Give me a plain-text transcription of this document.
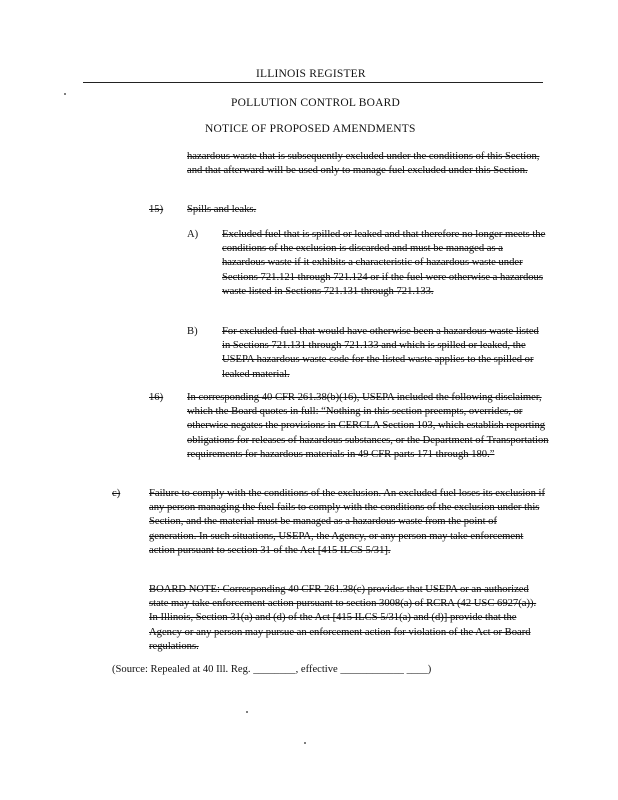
ILLINOIS REGISTER
POLLUTION CONTROL BOARD
NOTICE OF PROPOSED AMENDMENTS
hazardous waste that is subsequently excluded under the conditions of this Section, and that afterward will be used only to manage fuel excluded under this Section.
15) Spills and leaks.
A) Excluded fuel that is spilled or leaked and that therefore no longer meets the conditions of the exclusion is discarded and must be managed as a hazardous waste if it exhibits a characteristic of hazardous waste under Sections 721.121 through 721.124 or if the fuel were otherwise a hazardous waste listed in Sections 721.131 through 721.133.
B) For excluded fuel that would have otherwise been a hazardous waste listed in Sections 721.131 through 721.133 and which is spilled or leaked, the USEPA hazardous waste code for the listed waste applies to the spilled or leaked material.
16) In corresponding 40 CFR 261.38(b)(16), USEPA included the following disclaimer, which the Board quotes in full: “Nothing in this section preempts, overrides, or otherwise negates the provisions in CERCLA Section 103, which establish reporting obligations for releases of hazardous substances, or the Department of Transportation requirements for hazardous materials in 49 CFR parts 171 through 180.”
c)	Failure to comply with the conditions of the exclusion. An excluded fuel loses its exclusion if any person managing the fuel fails to comply with the conditions of the exclusion under this Section, and the material must be managed as a hazardous waste from the point of generation. In such situations, USEPA, the Agency, or any person may take enforcement action pursuant to section 31 of the Act [415 ILCS 5/31].
BOARD NOTE: Corresponding 40 CFR 261.38(c) provides that USEPA or an authorized state may take enforcement action pursuant to section 3008(a) of RCRA (42 USC 6927(a)). In Illinois, Section 31(a) and (d) of the Act [415 ILCS 5/31(a) and (d)] provide that the Agency or any person may pursue an enforcement action for violation of the Act or Board regulations.
(Source: Repealed at 40 Ill. Reg. ________, effective ____________ ____)
